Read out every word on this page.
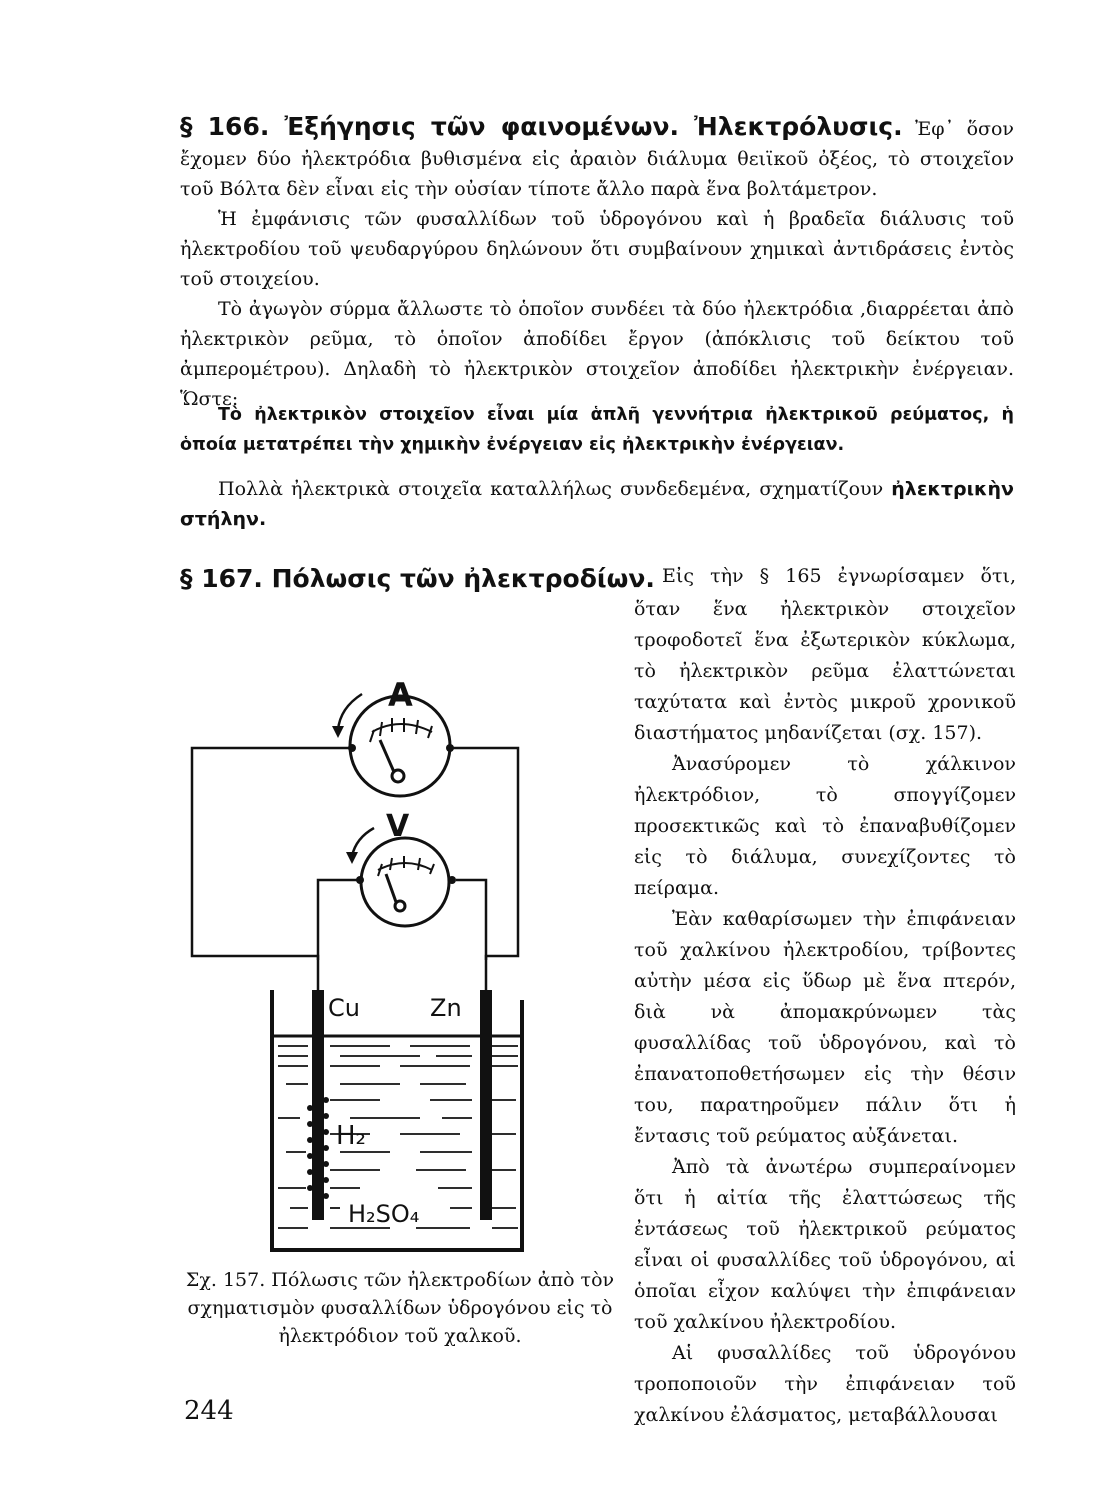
§ 166. Ἐξήγησις τῶν φαινομένων. Ἠλεκτρόλυσις. Ἐφ᾽ ὅσον ἔχομεν δύο ἠλεκτρόδια βυθισμένα εἰς ἀραιὸν διάλυμα θειϊκοῦ ὀξέος, τὸ στοιχεῖον τοῦ Βόλτα δὲν εἶναι εἰς τὴν οὐσίαν τίποτε ἄλλο παρὰ ἕνα βολτάμετρον.

Ἡ ἐμφάνισις τῶν φυσαλλίδων τοῦ ὑδρογόνου καὶ ἡ βραδεῖα διάλυσις τοῦ ἠλεκτροδίου τοῦ ψευδαργύρου δηλώνουν ὅτι συμβαίνουν χημικαὶ ἀντιδράσεις ἐντὸς τοῦ στοιχείου.

Τὸ ἀγωγὸν σύρμα ἄλλωστε τὸ ὁποῖον συνδέει τὰ δύο ἠλεκτρόδια ,διαρρέεται ἀπὸ ἠλεκτρικὸν ρεῦμα, τὸ ὁποῖον ἀποδίδει ἔργον (ἀπόκλισις τοῦ δείκτου τοῦ ἀμπερομέτρου). Δηλαδὴ τὸ ἠλεκτρικὸν στοιχεῖον ἀποδίδει ἠλεκτρικὴν ἐνέργειαν. Ὥστε:

Τὸ ἠλεκτρικὸν στοιχεῖον εἶναι μία ἁπλῆ γεννήτρια ἠλεκτρικοῦ ρεύματος, ἡ ὁποία μετατρέπει τὴν χημικὴν ἐνέργειαν εἰς ἠλεκτρικὴν ἐνέργειαν.
Πολλὰ ἠλεκτρικὰ στοιχεῖα καταλλήλως συνδεδεμένα, σχηματίζουν ἠλεκτρικὴν στήλην.
§ 167. Πόλωσις τῶν ἠλεκτροδίων. Εἰς τὴν § 165 ἐγνωρίσαμεν ὅτι,

ὅταν ἕνα ἠλεκτρικὸν στοιχεῖον τροφοδοτεῖ ἕνα ἐξωτερικὸν κύκλωμα, τὸ ἠλεκτρικὸν ρεῦμα ἐλαττώνεται ταχύτατα καὶ ἐντὸς μικροῦ χρονικοῦ διαστήματος μηδανίζεται (σχ. 157).

Ἀνασύρομεν τὸ χάλκινον ἠλεκτρόδιον, τὸ σπογγίζομεν προσεκτικῶς καὶ τὸ ἐπαναβυθίζομεν εἰς τὸ διάλυμα, συνεχίζοντες τὸ πείραμα.

Ἐὰν καθαρίσωμεν τὴν ἐπιφάνειαν τοῦ χαλκίνου ἠλεκτροδίου, τρίβοντες αὐτὴν μέσα εἰς ὕδωρ μὲ ἕνα πτερόν, διὰ νὰ ἀπομακρύνωμεν τὰς φυσαλλίδας τοῦ ὑδρογόνου, καὶ τὸ ἐπανατοποθετήσωμεν εἰς τὴν θέσιν του, παρατηροῦμεν πάλιν ὅτι ἡ ἔντασις τοῦ ρεύματος αὐξάνεται.

Ἀπὸ τὰ ἀνωτέρω συμπεραίνομεν ὅτι ἡ αἰτία τῆς ἐλαττώσεως τῆς ἐντάσεως τοῦ ἠλεκτρικοῦ ρεύματος εἶναι οἱ φυσαλλίδες τοῦ ὑδρογόνου, αἱ ὁποῖαι εἶχον καλύψει τὴν ἐπιφάνειαν τοῦ χαλκίνου ἠλεκτροδίου.

Αἱ φυσαλλίδες τοῦ ὑδρογόνου τροποποιοῦν τὴν ἐπιφάνειαν τοῦ χαλκίνου ἐλάσματος, μεταβάλλουσαι

A
V
Cu	Zn
H₂
H₂SO₄
Σχ. 157. Πόλωσις τῶν ἠλεκτροδίων ἀπὸ τὸν σχηματισμὸν φυσαλλίδων ὑδρογόνου εἰς τὸ ἠλεκτρόδιον τοῦ χαλκοῦ.
244
